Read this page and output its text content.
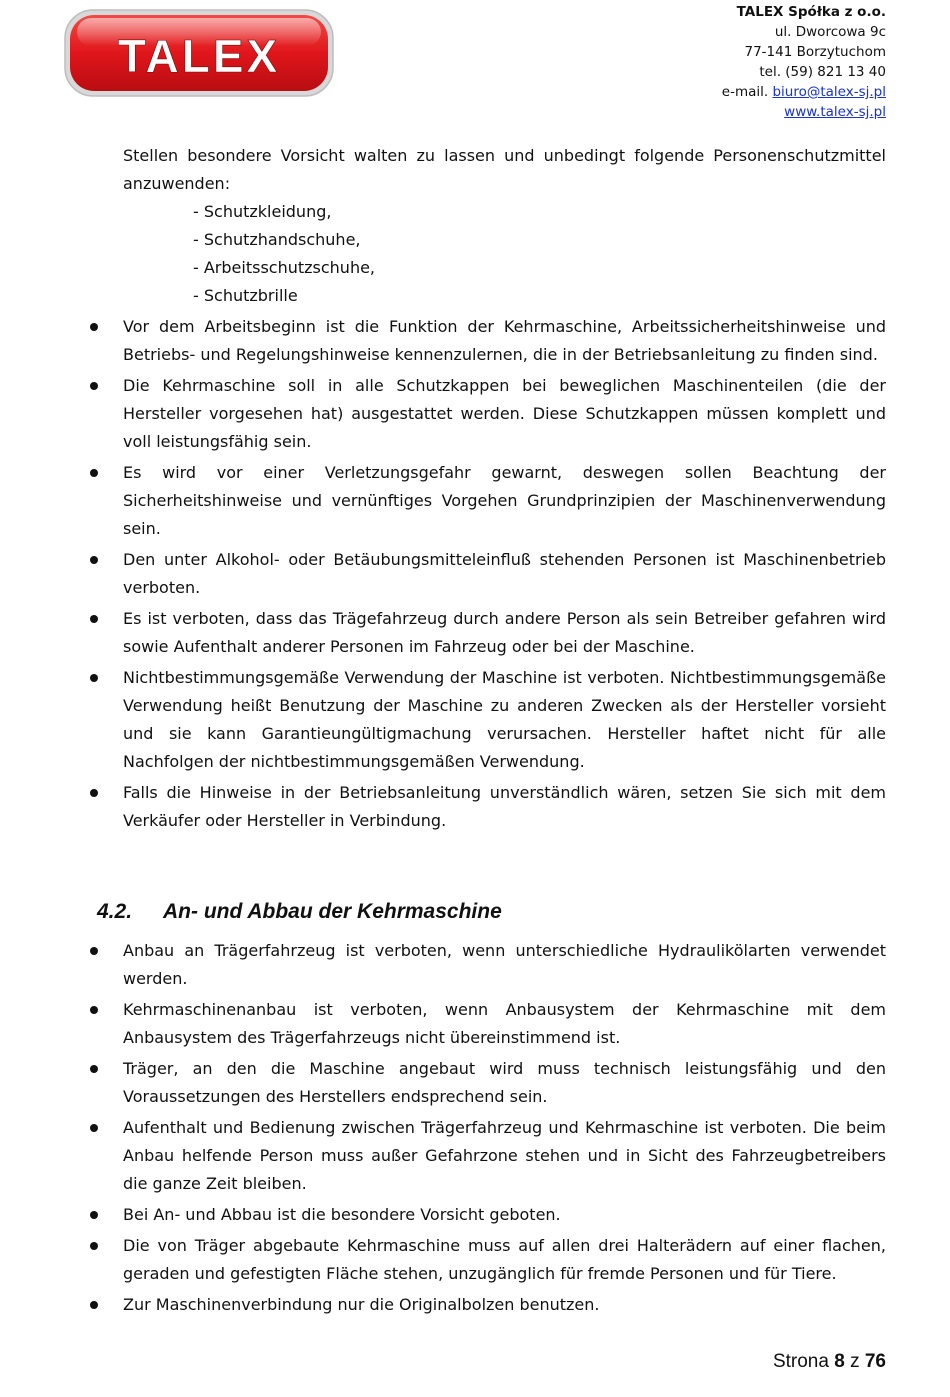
TALEX
TALEX Spółka z o.o.
ul. Dworcowa 9c
77-141 Borzytuchom
tel. (59) 821 13 40
e-mail. biuro@talex-sj.pl
www.talex-sj.pl

Stellen besondere Vorsicht walten zu lassen und unbedingt folgende Personenschutzmittel anzuwenden:

- Schutzkleidung,
- Schutzhandschuhe,
- Arbeitsschutzschuhe,
- Schutzbrille
Vor dem Arbeitsbeginn ist die Funktion der Kehrmaschine, Arbeitssicherheitshinweise und Betriebs- und Regelungshinweise kennenzulernen, die in der Betriebsanleitung zu finden sind.
Die Kehrmaschine soll in alle Schutzkappen bei beweglichen Maschinenteilen (die der Hersteller vorgesehen hat) ausgestattet werden. Diese Schutzkappen müssen komplett und voll leistungsfähig sein.
Es wird vor einer Verletzungsgefahr gewarnt, deswegen sollen Beachtung der Sicherheitshinweise und vernünftiges Vorgehen Grundprinzipien der Maschinenverwendung sein.
Den unter Alkohol- oder Betäubungsmitteleinfluß stehenden Personen ist Maschinenbetrieb verboten.
Es ist verboten, dass das Trägefahrzeug durch andere Person als sein Betreiber gefahren wird sowie Aufenthalt anderer Personen im Fahrzeug oder bei der Maschine.
Nichtbestimmungsgemäße Verwendung der Maschine ist verboten. Nichtbestimmungsgemäße Verwendung heißt Benutzung der Maschine zu anderen Zwecken als der Hersteller vorsieht und sie kann Garantieungültigmachung verursachen. Hersteller haftet nicht für alle Nachfolgen der nichtbestimmungsgemäßen Verwendung.
Falls die Hinweise in der Betriebsanleitung unverständlich wären, setzen Sie sich mit dem Verkäufer oder Hersteller in Verbindung.
4.2. An- und Abbau der Kehrmaschine
Anbau an Trägerfahrzeug ist verboten, wenn unterschiedliche Hydraulikölarten verwendet werden.
Kehrmaschinenanbau ist verboten, wenn Anbausystem der Kehrmaschine mit dem Anbausystem des Trägerfahrzeugs nicht übereinstimmend ist.
Träger, an den die Maschine angebaut wird muss technisch leistungsfähig und den Voraussetzungen des Herstellers endsprechend sein.
Aufenthalt und Bedienung zwischen Trägerfahrzeug und Kehrmaschine ist verboten. Die beim Anbau helfende Person muss außer Gefahrzone stehen und in Sicht des Fahrzeugbetreibers die ganze Zeit bleiben.
Bei An- und Abbau ist die besondere Vorsicht geboten.
Die von Träger abgebaute Kehrmaschine muss auf allen drei Halterädern auf einer flachen, geraden und gefestigten Fläche stehen, unzugänglich für fremde Personen und für Tiere.
Zur Maschinenverbindung nur die Originalbolzen benutzen.
Strona 8 z 76
